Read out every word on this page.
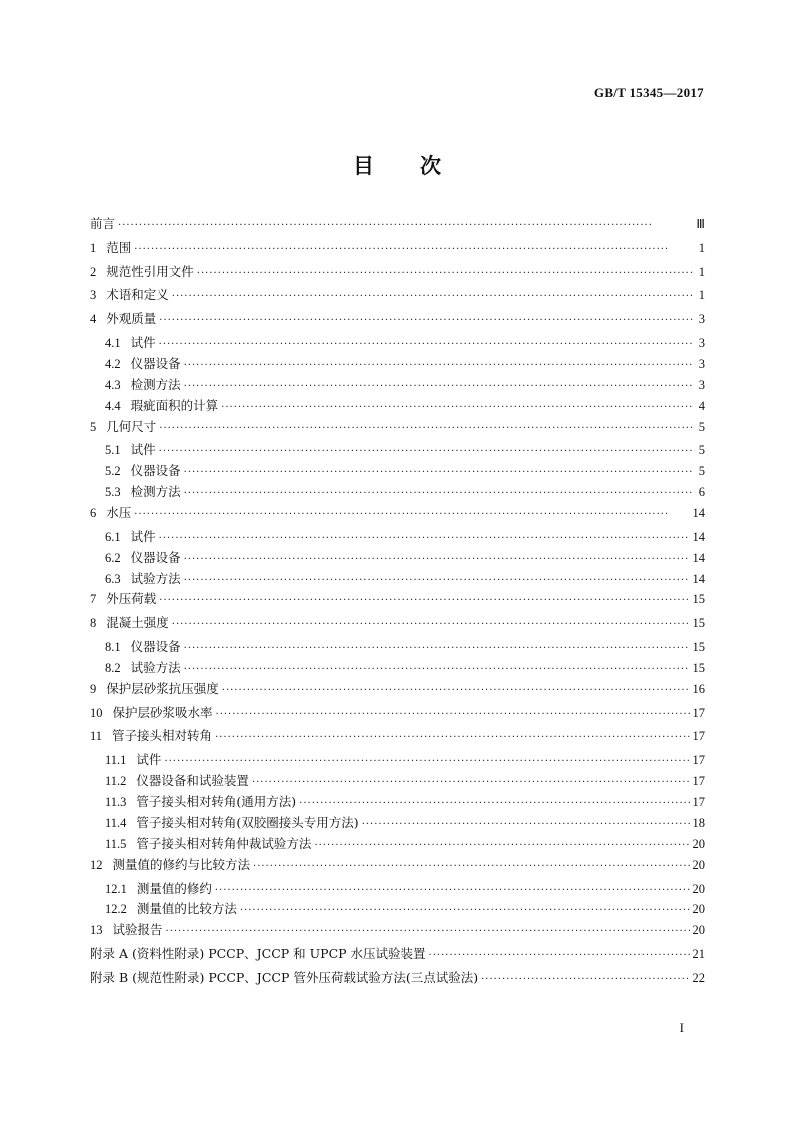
GB/T 15345—2017
目 次
前言 ·····	Ⅲ
1 范围 ·····	1
2 规范性引用文件 ·····	1
3 术语和定义 ·····	1
4 外观质量 ·····	3
4.1 试件 ·····	3
4.2 仪器设备 ·····	3
4.3 检测方法 ·····	3
4.4 瑕疵面积的计算 ·····	4
5 几何尺寸 ·····	5
5.1 试件 ·····	5
5.2 仪器设备 ·····	5
5.3 检测方法 ·····	6
6 水压 ·····	14
6.1 试件 ·····	14
6.2 仪器设备 ·····	14
6.3 试验方法 ·····	14
7 外压荷载 ·····	15
8 混凝土强度 ·····	15
8.1 仪器设备 ·····	15
8.2 试验方法 ·····	15
9 保护层砂浆抗压强度 ·····	16
10 保护层砂浆吸水率 ·····	17
11 管子接头相对转角 ·····	17
11.1 试件 ·····	17
11.2 仪器设备和试验装置 ·····	17
11.3 管子接头相对转角(通用方法) ·····	17
11.4 管子接头相对转角(双胶圈接头专用方法) ·····	18
11.5 管子接头相对转角仲裁试验方法 ·····	20
12 测量值的修约与比较方法 ·····	20
12.1 测量值的修约 ·····	20
12.2 测量值的比较方法 ·····	20
13 试验报告 ·····	20
附录 A (资料性附录) PCCP、JCCP 和 UPCP 水压试验装置 ·····	21
附录 B (规范性附录) PCCP、JCCP 管外压荷载试验方法(三点试验法) ·····	22
I
